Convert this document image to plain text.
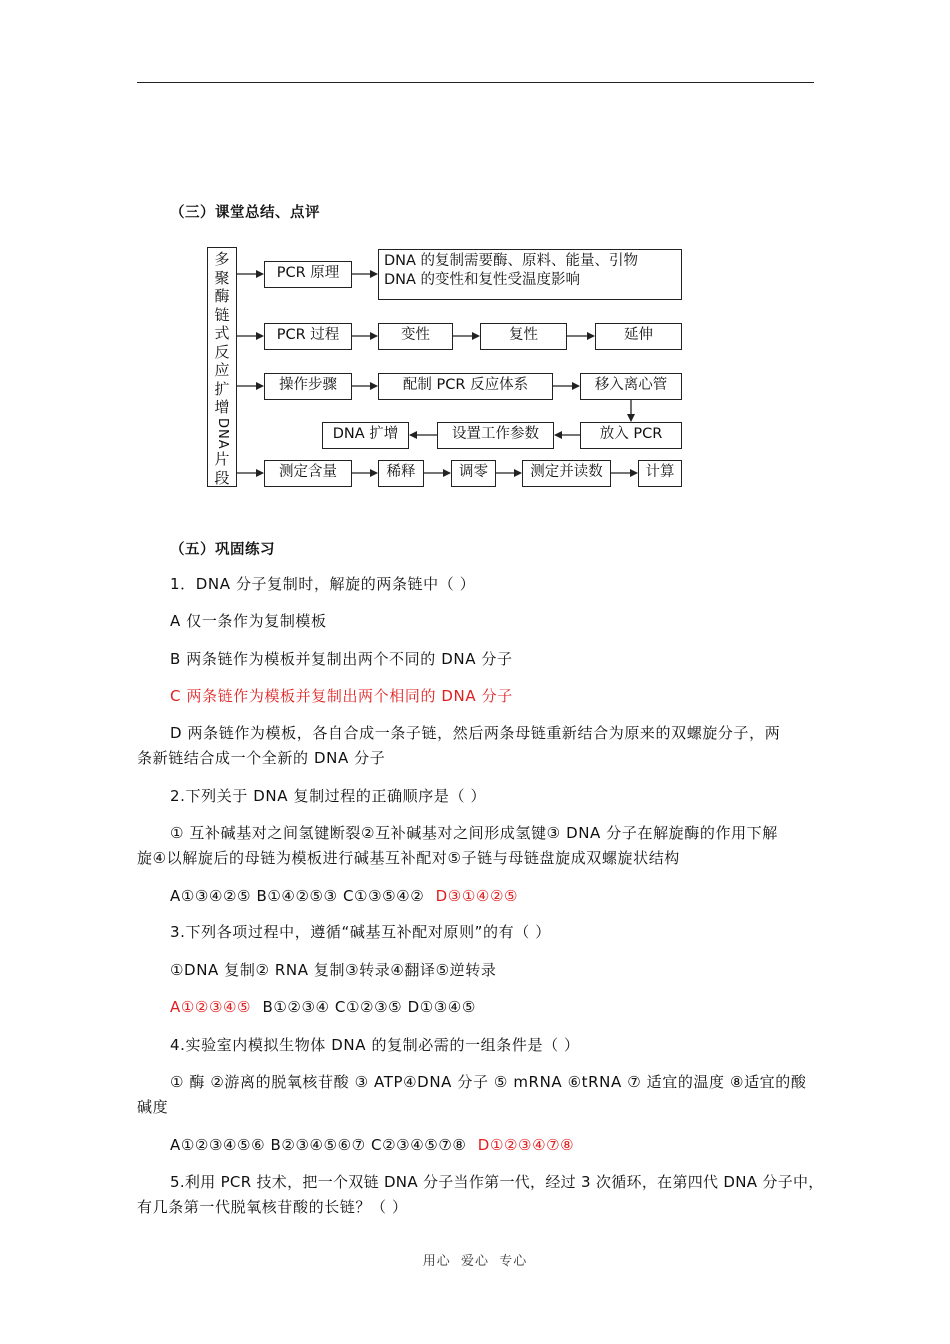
（三）课堂总结、点评
多
聚
酶
链
式
反
应
扩
增
DNA
片
段
PCR 原理
DNA 的复制需要酶、原料、能量、引物
DNA 的变性和复性受温度影响
PCR 过程	变性	复性	延伸
操作步骤	配制 PCR 反应体系	移入离心管
DNA 扩增	设置工作参数	放入 PCR
测定含量	稀释	调零	测定并读数	计算
（五）巩固练习
1．DNA 分子复制时，解旋的两条链中（ ）
A 仅一条作为复制模板
B 两条链作为模板并复制出两个不同的 DNA 分子
C 两条链作为模板并复制出两个相同的 DNA 分子
D 两条链作为模板，各自合成一条子链，然后两条母链重新结合为原来的双螺旋分子，两
条新链结合成一个全新的 DNA 分子
2.下列关于 DNA 复制过程的正确顺序是（ ）
① 互补碱基对之间氢键断裂②互补碱基对之间形成氢键③ DNA 分子在解旋酶的作用下解
旋④以解旋后的母链为模板进行碱基互补配对⑤子链与母链盘旋成双螺旋状结构
A①③④②⑤ B①④②⑤③ C①③⑤④② D③①④②⑤
3.下列各项过程中，遵循“碱基互补配对原则”的有（ ）
①DNA 复制② RNA 复制③转录④翻译⑤逆转录
A①②③④⑤ B①②③④ C①②③⑤ D①③④⑤
4.实验室内模拟生物体 DNA 的复制必需的一组条件是（ ）
① 酶 ②游离的脱氧核苷酸 ③ ATP④DNA 分子 ⑤ mRNA ⑥tRNA ⑦ 适宜的温度 ⑧适宜的酸
碱度
A①②③④⑤⑥ B②③④⑤⑥⑦ C②③④⑤⑦⑧ D①②③④⑦⑧
5.利用 PCR 技术，把一个双链 DNA 分子当作第一代，经过 3 次循环，在第四代 DNA 分子中，
有几条第一代脱氧核苷酸的长链？（ ）
用心  爱心  专心
